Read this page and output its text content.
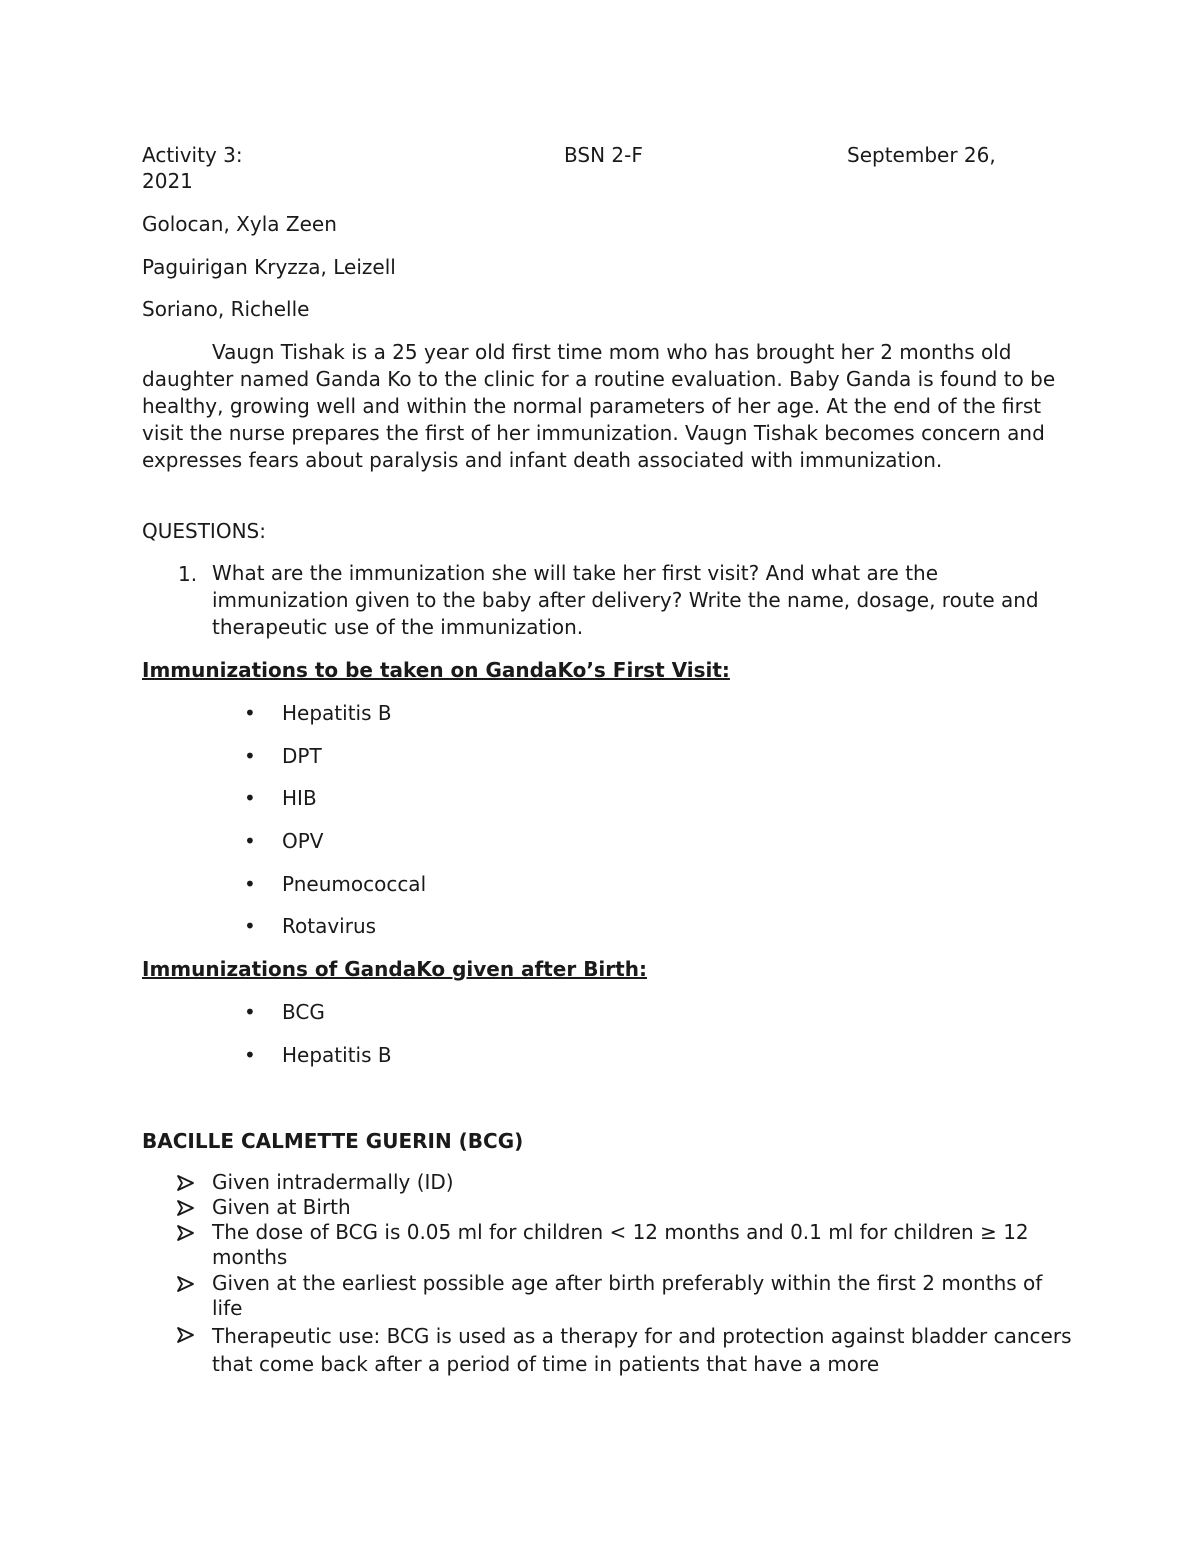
Activity 3:	BSN 2-F	September 26,
2021
Golocan, Xyla Zeen
Paguirigan Kryzza, Leizell
Soriano, Richelle
Vaugn Tishak is a 25 year old first time mom who has brought her 2 months old daughter named Ganda Ko to the clinic for a routine evaluation. Baby Ganda is found to be healthy, growing well and within the normal parameters of her age. At the end of the first visit the nurse prepares the first of her immunization. Vaugn Tishak becomes concern and expresses fears about paralysis and infant death associated with immunization.
QUESTIONS:
1. What are the immunization she will take her first visit? And what are the immunization given to the baby after delivery? Write the name, dosage, route and therapeutic use of the immunization.
Immunizations to be taken on GandaKo’s First Visit:
• Hepatitis B
• DPT
• HIB
• OPV
• Pneumococcal
• Rotavirus
Immunizations of GandaKo given after Birth:
• BCG
• Hepatitis B
BACILLE CALMETTE GUERIN (BCG)
Given intradermally (ID)
Given at Birth
The dose of BCG is 0.05 ml for children < 12 months and 0.1 ml for children ≥ 12 months
Given at the earliest possible age after birth preferably within the first 2 months of life
Therapeutic use: BCG is used as a therapy for and protection against bladder cancers that come back after a period of time in patients that have a more
